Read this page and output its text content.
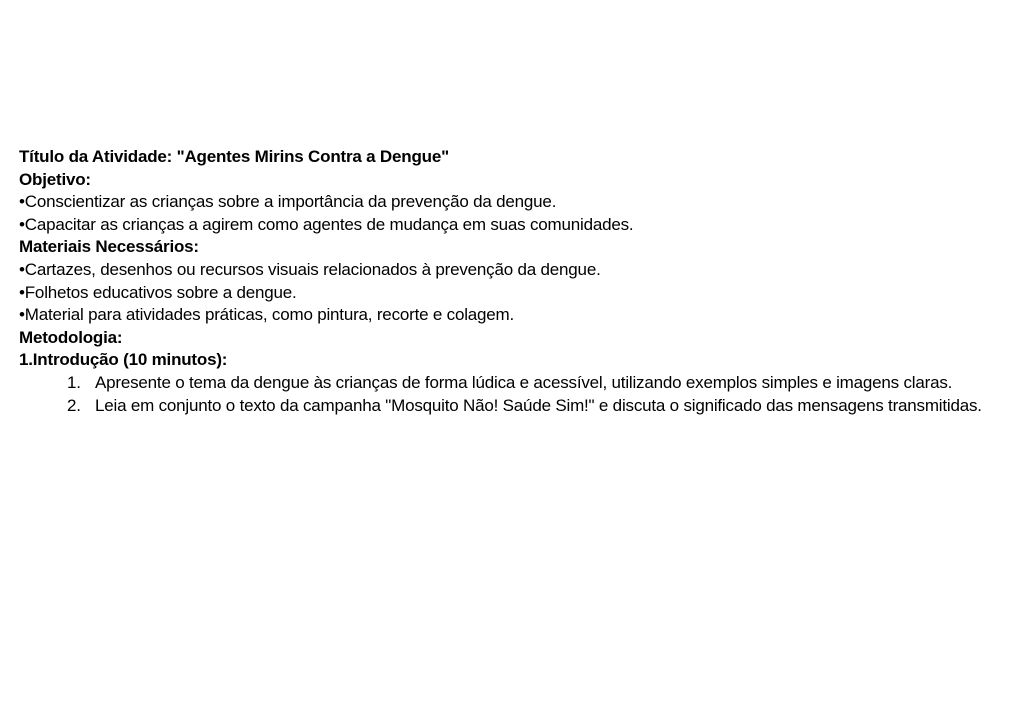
Título da Atividade: "Agentes Mirins Contra a Dengue"
Objetivo:
•Conscientizar as crianças sobre a importância da prevenção da dengue.
•Capacitar as crianças a agirem como agentes de mudança em suas comunidades.
Materiais Necessários:
•Cartazes, desenhos ou recursos visuais relacionados à prevenção da dengue.
•Folhetos educativos sobre a dengue.
•Material para atividades práticas, como pintura, recorte e colagem.
Metodologia:
1.Introdução (10 minutos):
1. Apresente o tema da dengue às crianças de forma lúdica e acessível, utilizando exemplos simples e imagens claras.
2. Leia em conjunto o texto da campanha "Mosquito Não! Saúde Sim!" e discuta o significado das mensagens transmitidas.
